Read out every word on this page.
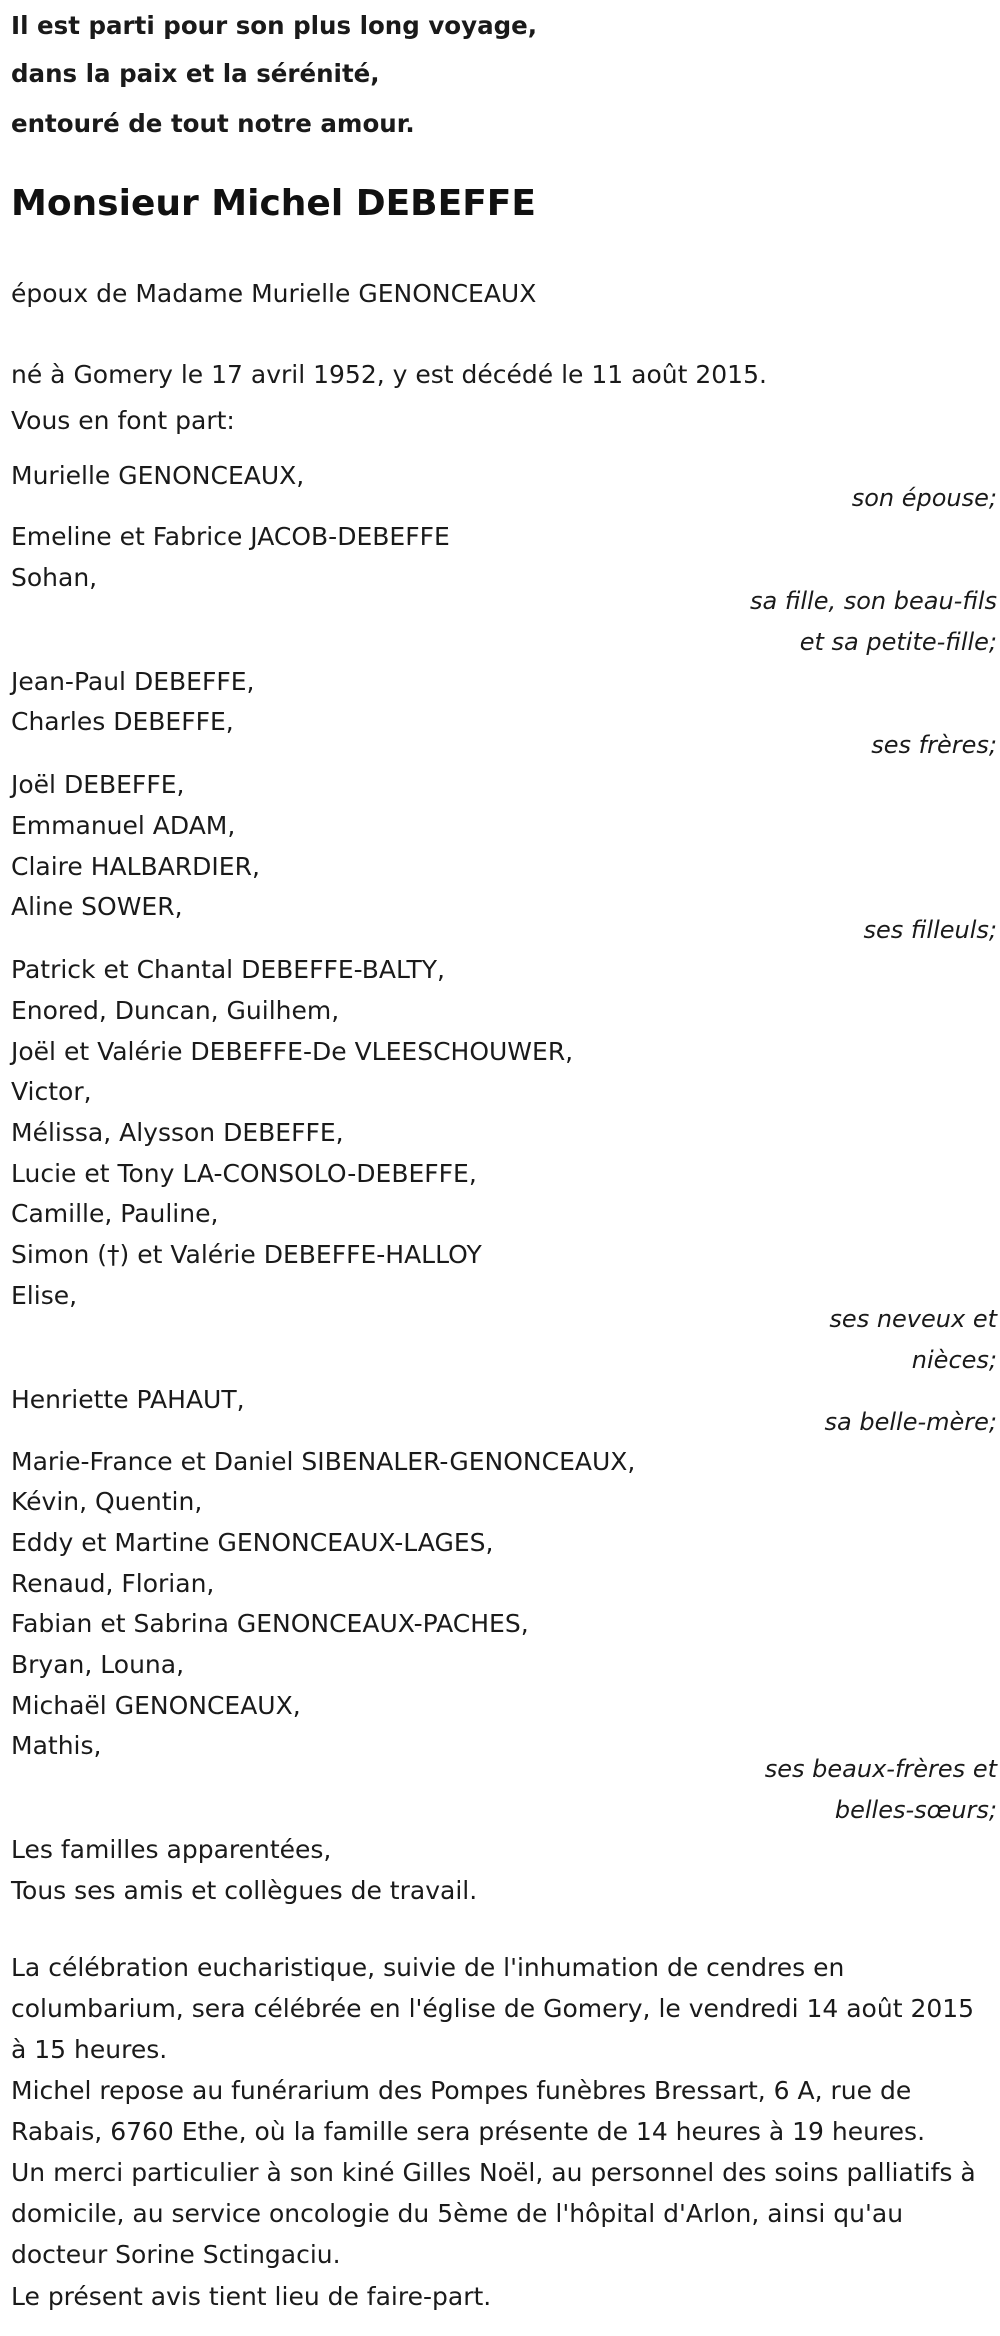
Il est parti pour son plus long voyage,
dans la paix et la sérénité,
entouré de tout notre amour.
Monsieur Michel DEBEFFE
époux de Madame Murielle GENONCEAUX
né à Gomery le 17 avril 1952, y est décédé le 11 août 2015.
Vous en font part:
Murielle GENONCEAUX,
son épouse;
Emeline et Fabrice JACOB-DEBEFFE
Sohan,
sa fille, son beau-fils
et sa petite-fille;
Jean-Paul DEBEFFE,
Charles DEBEFFE,
ses frères;
Joël DEBEFFE,
Emmanuel ADAM,
Claire HALBARDIER,
Aline SOWER,
ses filleuls;
Patrick et Chantal DEBEFFE-BALTY,
Enored, Duncan, Guilhem,
Joël et Valérie DEBEFFE-De VLEESCHOUWER,
Victor,
Mélissa, Alysson DEBEFFE,
Lucie et Tony LA-CONSOLO-DEBEFFE,
Camille, Pauline,
Simon (†) et Valérie DEBEFFE-HALLOY
Elise,
ses neveux et
nièces;
Henriette PAHAUT,
sa belle-mère;
Marie-France et Daniel SIBENALER-GENONCEAUX,
Kévin, Quentin,
Eddy et Martine GENONCEAUX-LAGES,
Renaud, Florian,
Fabian et Sabrina GENONCEAUX-PACHES,
Bryan, Louna,
Michaël GENONCEAUX,
Mathis,
ses beaux-frères et
belles-sœurs;
Les familles apparentées,
Tous ses amis et collègues de travail.
La célébration eucharistique, suivie de l'inhumation de cendres en columbarium, sera célébrée en l'église de Gomery, le vendredi 14 août 2015 à 15 heures.
Michel repose au funérarium des Pompes funèbres Bressart, 6 A, rue de Rabais, 6760 Ethe, où la famille sera présente de 14 heures à 19 heures.
Un merci particulier à son kiné Gilles Noël, au personnel des soins palliatifs à domicile, au service oncologie du 5ème de l'hôpital d'Arlon, ainsi qu'au docteur Sorine Sctingaciu.
Le présent avis tient lieu de faire-part.
